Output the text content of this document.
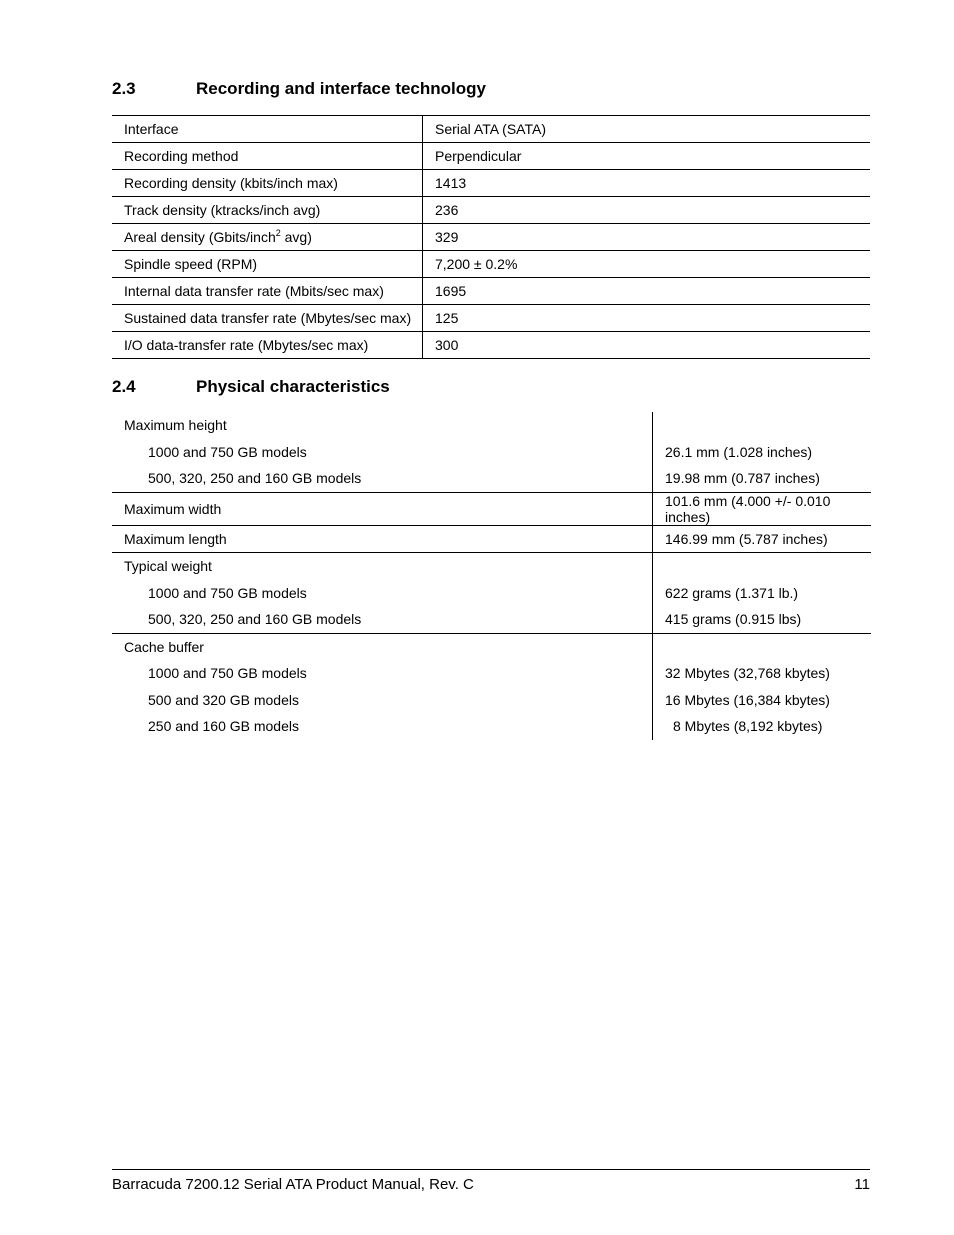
2.3	Recording and interface technology
Interface	Serial ATA (SATA)
Recording method	Perpendicular
Recording density (kbits/inch max)	1413
Track density (ktracks/inch avg)	236
Areal density (Gbits/inch$^2$ avg)	329
Spindle speed (RPM)	7,200 ± 0.2%
Internal data transfer rate (Mbits/sec max)	1695
Sustained data transfer rate (Mbytes/sec max)	125
I/O data-transfer rate (Mbytes/sec max)	300
2.4	Physical characteristics
Maximum height	
1000 and 750 GB models	26.1 mm (1.028 inches)
500, 320, 250 and 160 GB models	19.98 mm (0.787 inches)
Maximum width	101.6 mm (4.000 +/- 0.010 inches)
Maximum length	146.99 mm (5.787 inches)
Typical weight	
1000 and 750 GB models	622 grams (1.371 lb.)
500, 320, 250 and 160 GB models	415 grams (0.915 lbs)
Cache buffer	
1000 and 750 GB models	32 Mbytes (32,768 kbytes)
500 and 320 GB models	16 Mbytes (16,384 kbytes)
250 and 160 GB models	8 Mbytes (8,192 kbytes)
Barracuda 7200.12 Serial ATA Product Manual, Rev. C	11
